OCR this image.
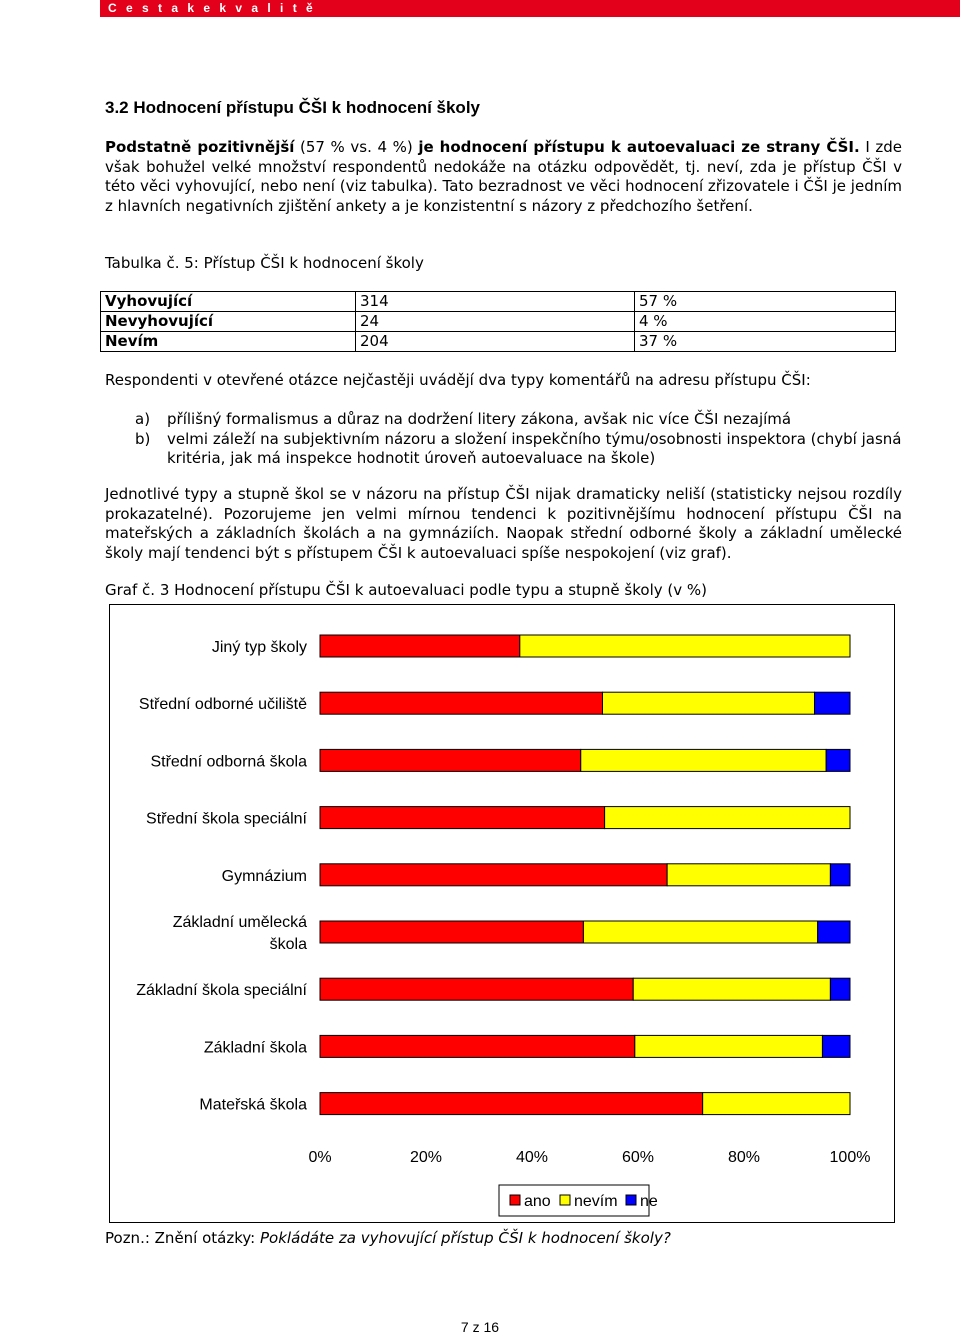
C e s t a k e k v a l i t ě
3.2 Hodnocení přístupu ČŠI k hodnocení školy
Podstatně pozitivnější (57 % vs. 4 %) je hodnocení přístupu k autoevaluaci ze strany ČŠI. I zde však bohužel velké množství respondentů nedokáže na otázku odpovědět, tj. neví, zda je přístup ČŠI v této věci vyhovující, nebo není (viz tabulka). Tato bezradnost ve věci hodnocení zřizovatele i ČŠI je jedním z hlavních negativních zjištění ankety a je konzistentní s názory z předchozího šetření.
Tabulka č. 5: Přístup ČŠI k hodnocení školy
Vyhovující	314	57 %
Nevyhovující	24	4 %
Nevím	204	37 %
Respondenti v otevřené otázce nejčastěji uvádějí dva typy komentářů na adresu přístupu ČŠI:
a) přílišný formalismus a důraz na dodržení litery zákona, avšak nic více ČŠI nezajímá
b) velmi záleží na subjektivním názoru a složení inspekčního týmu/osobnosti inspektora (chybí jasná kritéria, jak má inspekce hodnotit úroveň autoevaluace na škole)
Jednotlivé typy a stupně škol se v názoru na přístup ČŠI nijak dramaticky neliší (statisticky nejsou rozdíly prokazatelné). Pozorujeme jen velmi mírnou tendenci k pozitivnějšímu hodnocení přístupu ČŠI na mateřských a základních školách a na gymnáziích. Naopak střední odborné školy a základní umělecké školy mají tendenci být s přístupem ČŠI k autoevaluaci spíše nespokojení (viz graf).
Graf č. 3 Hodnocení přístupu ČŠI k autoevaluaci podle typu a stupně školy (v %)
Jiný typ školy
Střední odborné učiliště
Střední odborná škola
Střední škola speciální
Gymnázium
Základní umělecká škola
Základní škola speciální
Základní škola
Mateřská škola
0%	20%	40%	60%	80%	100%
ano nevím ne
Pozn.: Znění otázky: Pokládáte za vyhovující přístup ČŠI k hodnocení školy?
7 z 16
